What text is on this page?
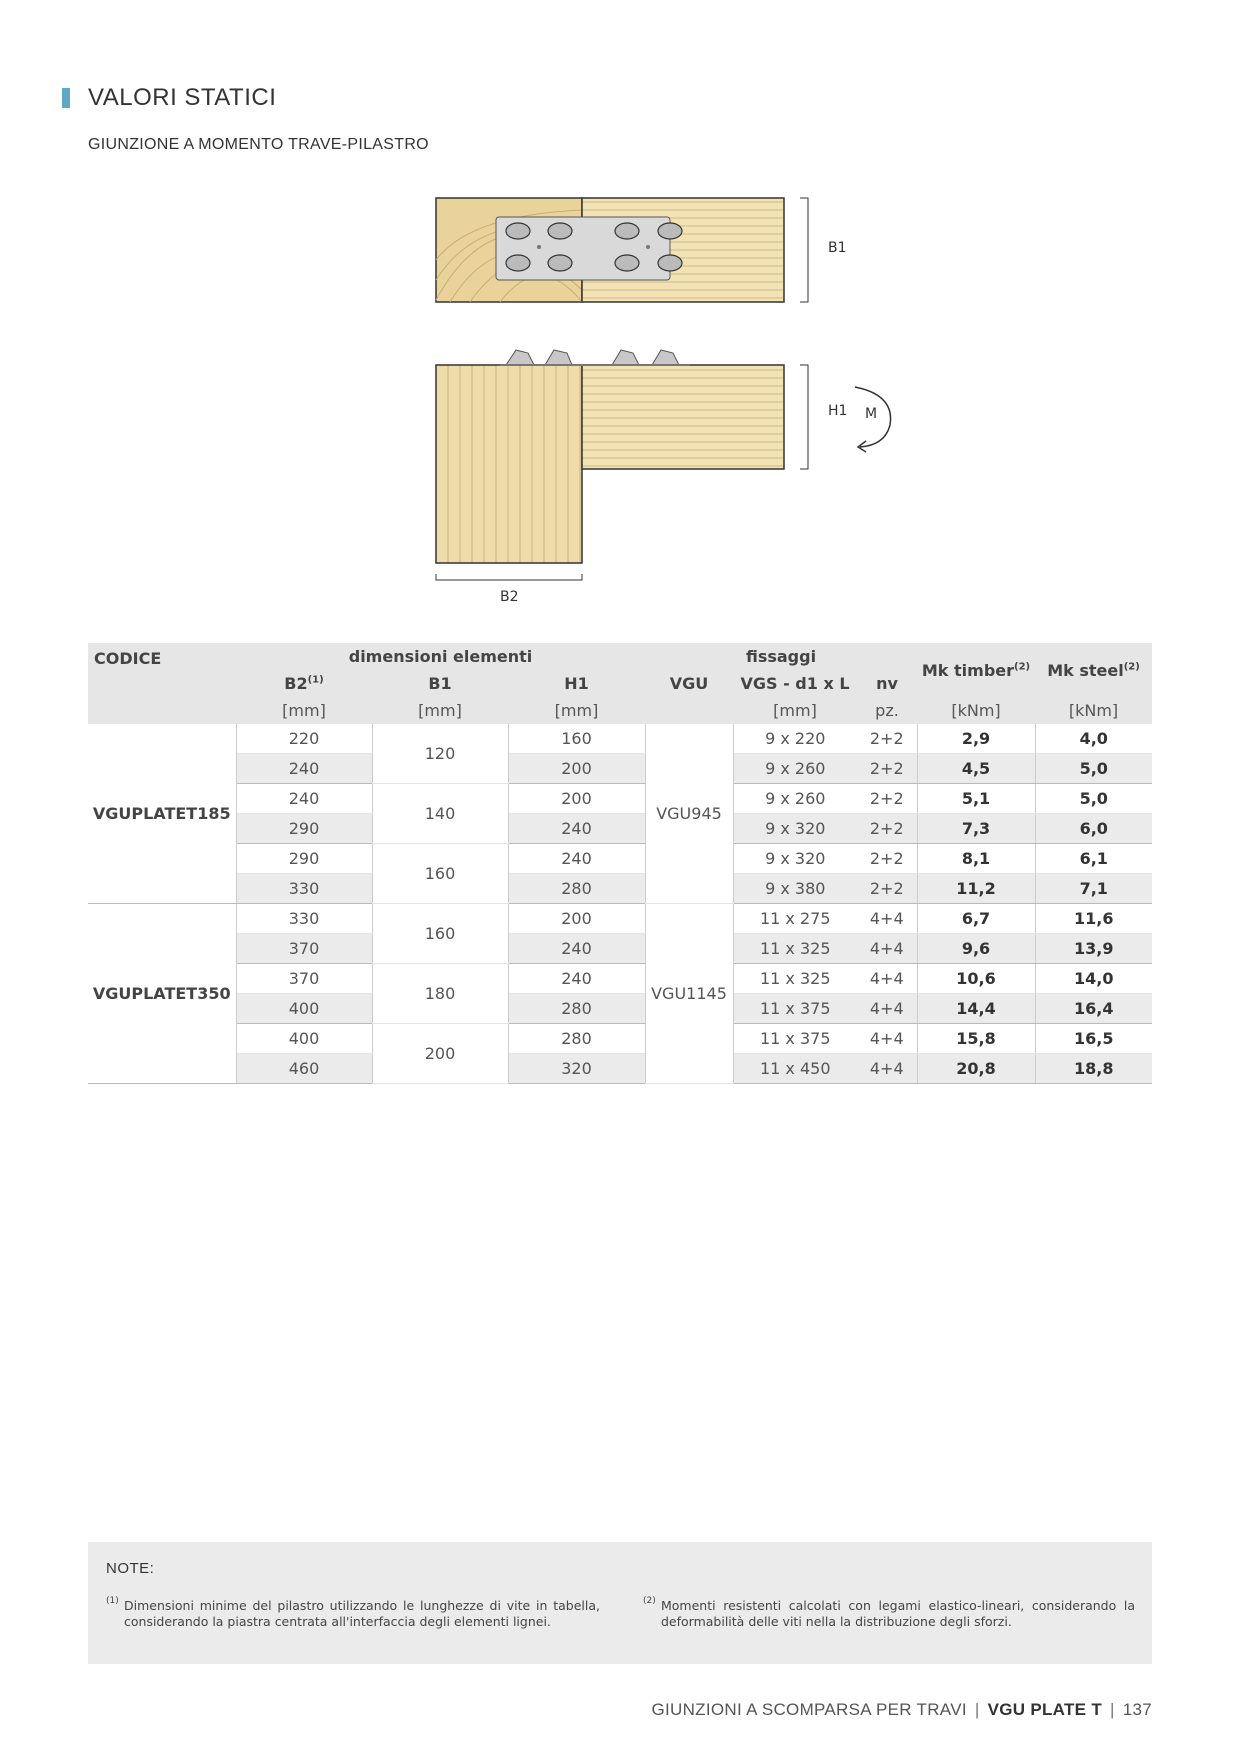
VALORI STATICI
GIUNZIONE A MOMENTO TRAVE-PILASTRO
B1
H1 M
B2
CODICE	dimensioni elementi			fissaggi			Mk timber$^{(2)}$	Mk steel$^{(2)}$
	B2$^{(1)}$	B1	H1	VGU	VGS - d1 x L	nv		
	[mm]	[mm]	[mm]		[mm]	pz.	[kNm]	[kNm]
VGUPLATET185	220	120	160	VGU945	9 x 220	2+2	2,9	4,0
	240		200		9 x 260	2+2	4,5	5,0
	240	140	200		9 x 260	2+2	5,1	5,0
	290		240		9 x 320	2+2	7,3	6,0
	290	160	240		9 x 320	2+2	8,1	6,1
	330		280		9 x 380	2+2	11,2	7,1
VGUPLATET350	330	160	200	VGU1145	11 x 275	4+4	6,7	11,6
	370		240		11 x 325	4+4	9,6	13,9
	370	180	240		11 x 325	4+4	10,6	14,0
	400		280		11 x 375	4+4	14,4	16,4
	400	200	280		11 x 375	4+4	15,8	16,5
	460		320		11 x 450	4+4	20,8	18,8
NOTE:
(1) Dimensioni minime del pilastro utilizzando le lunghezze di vite in tabella, considerando la piastra centrata all'interfaccia degli elementi lignei.
(2) Momenti resistenti calcolati con legami elastico-lineari, considerando la deformabilità delle viti nella la distribuzione degli sforzi.
GIUNZIONI A SCOMPARSA PER TRAVI | VGU PLATE T | 137
